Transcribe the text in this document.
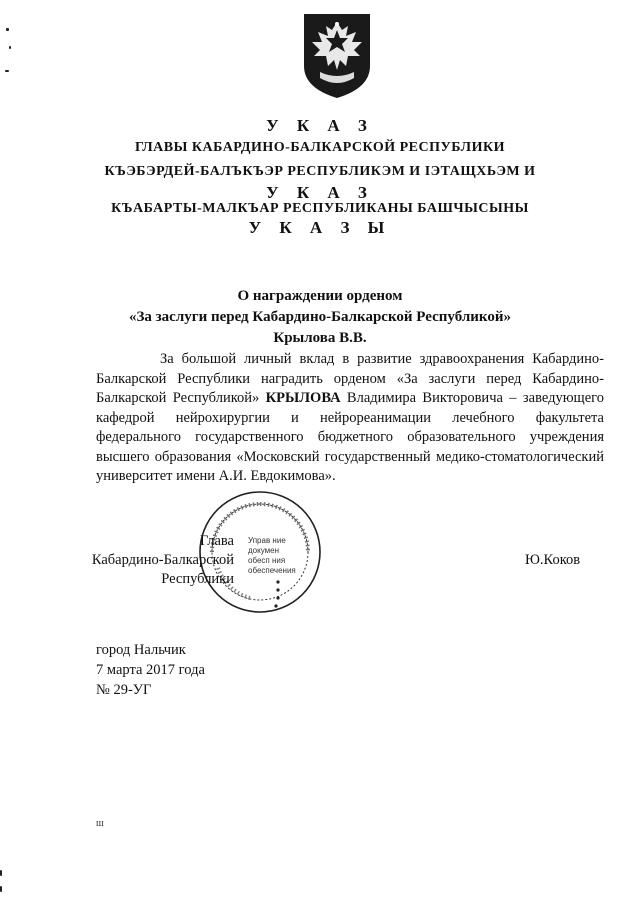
У К А З
ГЛАВЫ КАБАРДИНО-БАЛКАРСКОЙ РЕСПУБЛИКИ
КЪЭБЭРДЕЙ-БАЛЪКЪЭР РЕСПУБЛИКЭМ И ІЭТАЩХЬЭМ И
У К А З
КЪАБАРТЫ-МАЛКЪАР РЕСПУБЛИКАНЫ БАШЧЫСЫНЫ
У К А З Ы
О награждении орденом
«За заслуги перед Кабардино-Балкарской Республикой»
Крылова В.В.
За большой личный вклад в развитие здравоохранения Кабардино-Балкарской Республики наградить орденом «За заслуги перед Кабардино-Балкарской Республикой» КРЫЛОВА Владимира Викторовича – заведующего кафедрой нейрохирургии и нейрореанимации лечебного факультета федерального государственного бюджетного образовательного учреждения высшего образования «Московский государственный медико-стоматологический университет имени А.И. Евдокимова».
Управ ние
докумен
обесп ния
обеспечения
Глава
Кабардино-Балкарской
Республики
Ю.Коков
город Нальчик
7 марта 2017 года
№ 29-УГ
ш
